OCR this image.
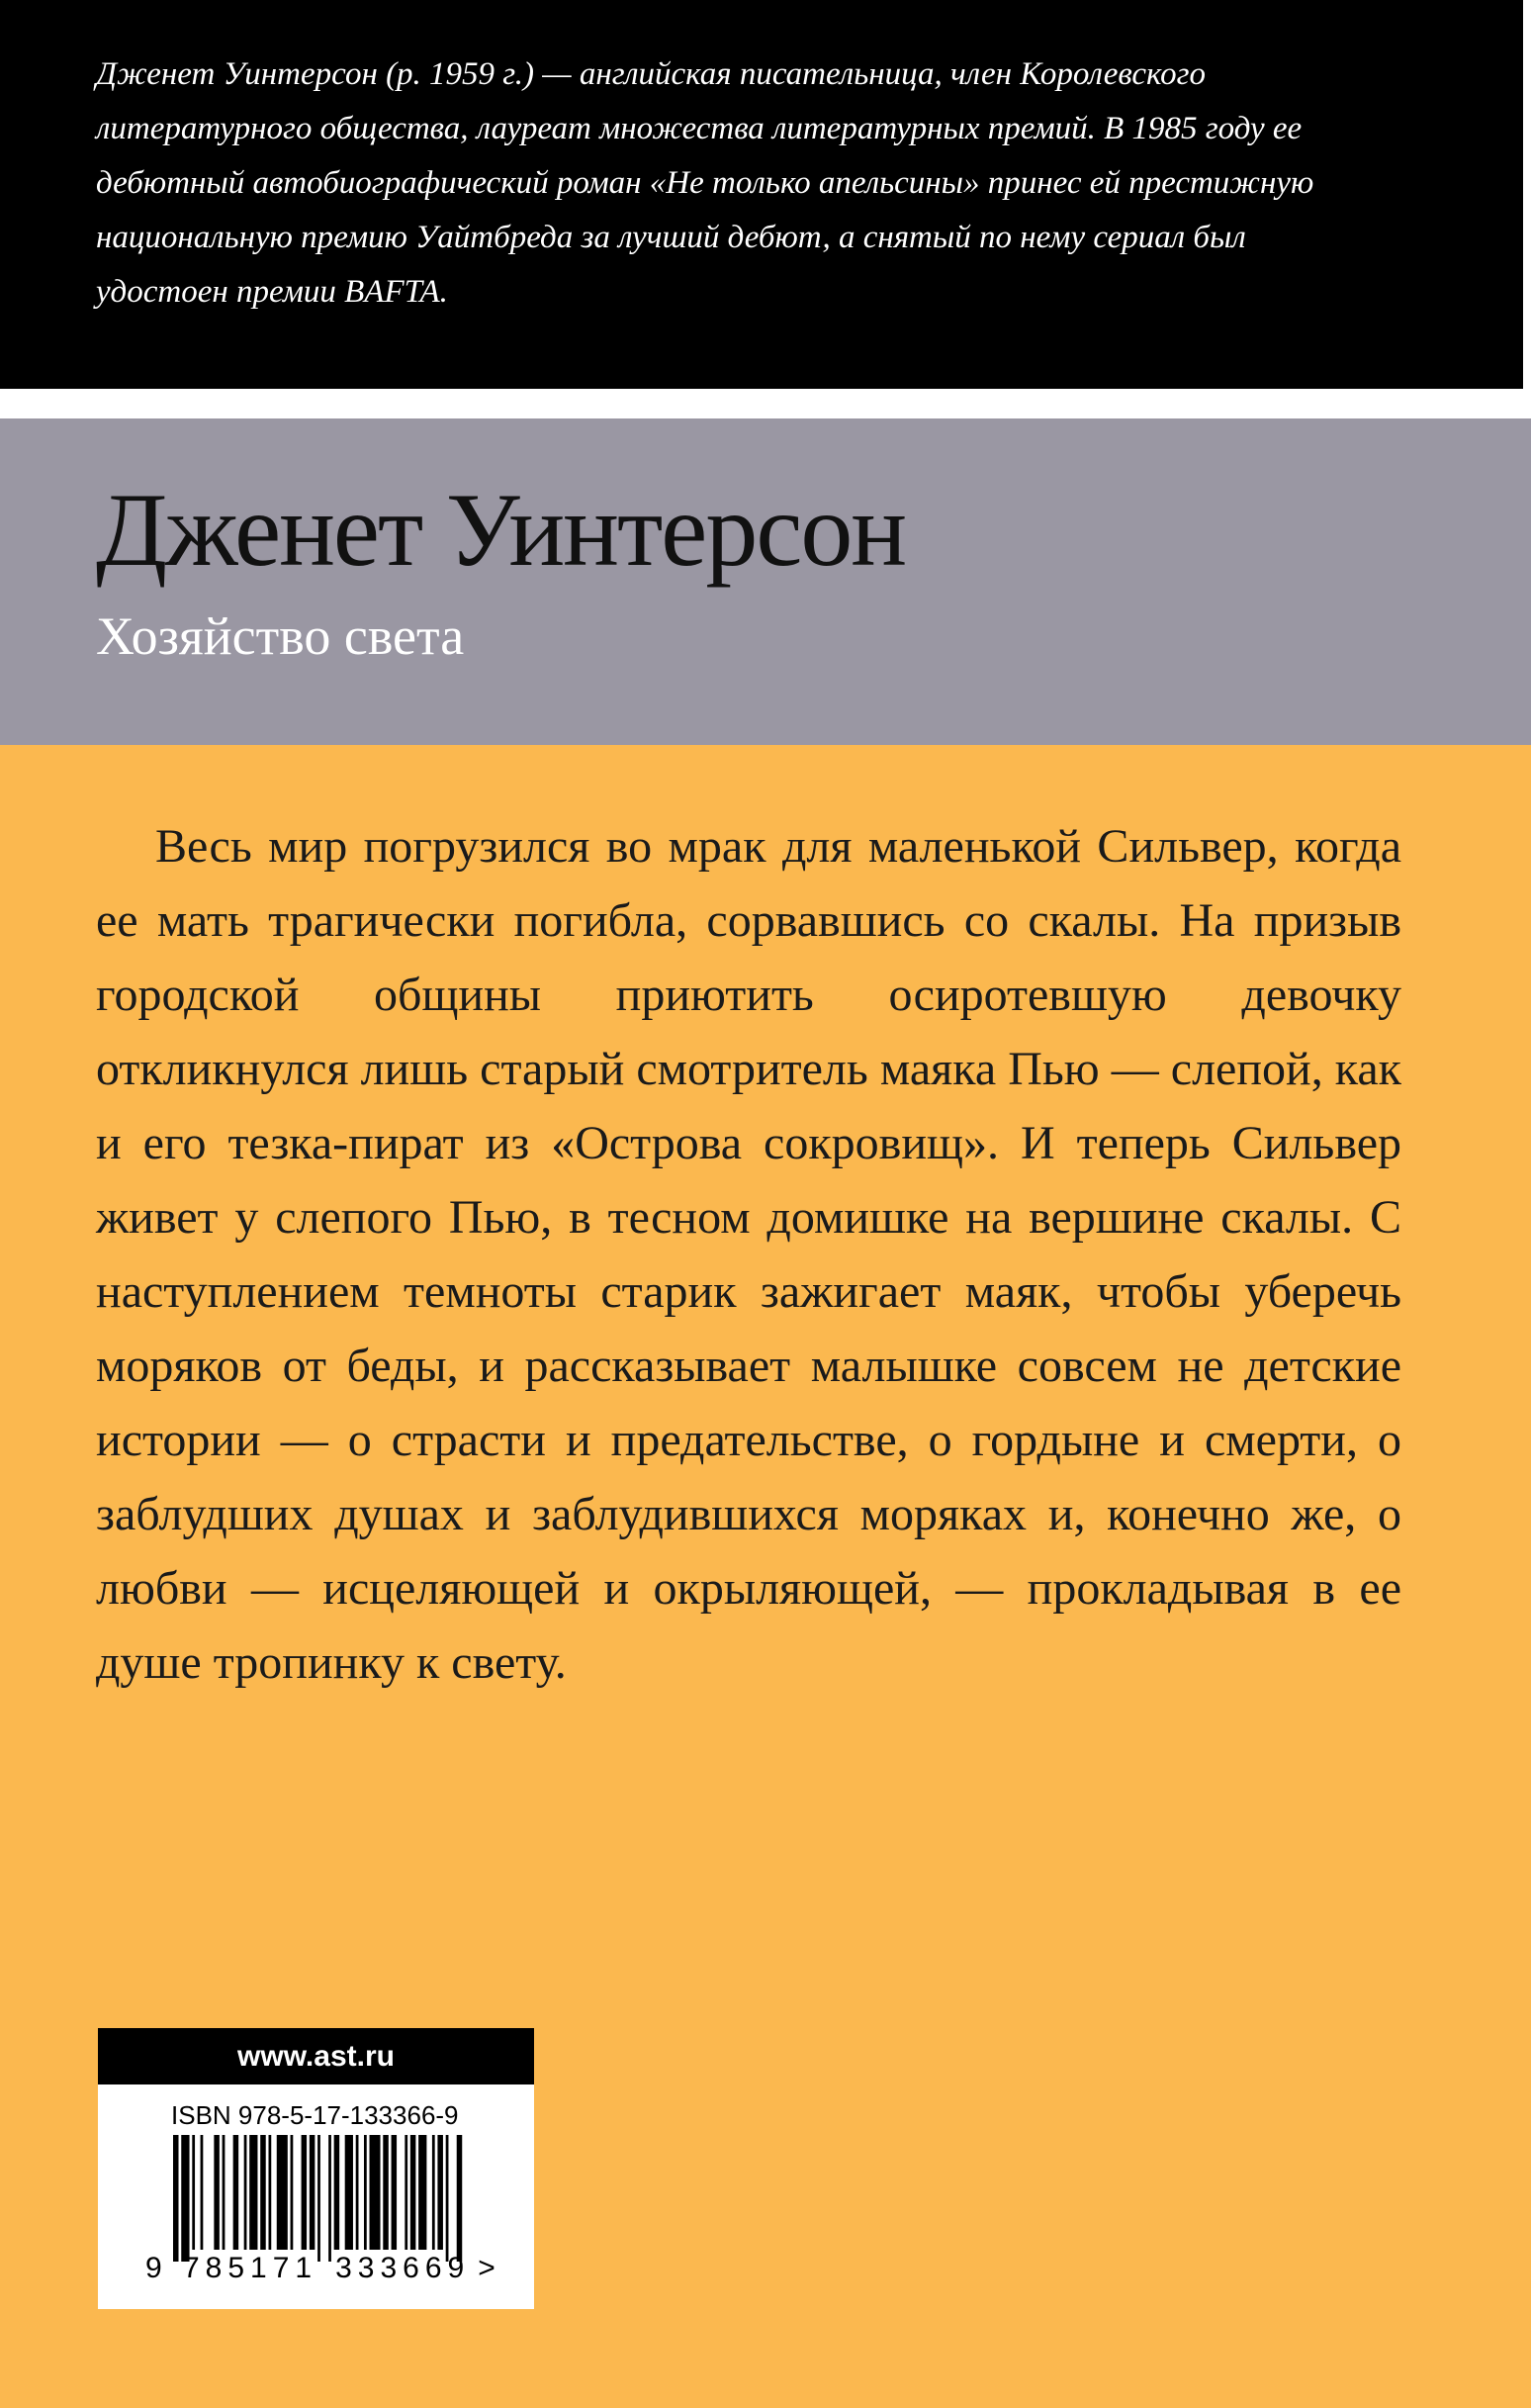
Дженет Уинтерсон (р. 1959 г.) — английская писательница, член Королевского
литературного общества, лауреат множества литературных премий. В 1985 году ее
дебютный автобиографический роман «Не только апельсины» принес ей престижную
национальную премию Уайтбреда за лучший дебют, а снятый по нему сериал был
удостоен премии BAFTA.

Дженет Уинтерсон
Хозяйство света

Весь мир погрузился во мрак для маленькой Сильвер, когда ее мать трагически погибла, сорвавшись со скалы. На призыв городской общины приютить осиротевшую девочку откликнулся лишь старый смотритель маяка Пью — слепой, как и его тезка-пират из «Острова сокровищ». И теперь Сильвер живет у слепого Пью, в тесном домишке на вершине скалы. С наступлением темноты старик зажигает маяк, чтобы уберечь моряков от беды, и рассказывает малышке совсем не детские истории — о страсти и предательстве, о гордыне и смерти, о заблудших душах и заблудившихся моряках и, конечно же, о любви — исцеляющей и окрыляющей, — прокладывая в ее душе тропинку к свету.

www.ast.ru
ISBN 978-5-17-133366-9
9 785171 333669 >
